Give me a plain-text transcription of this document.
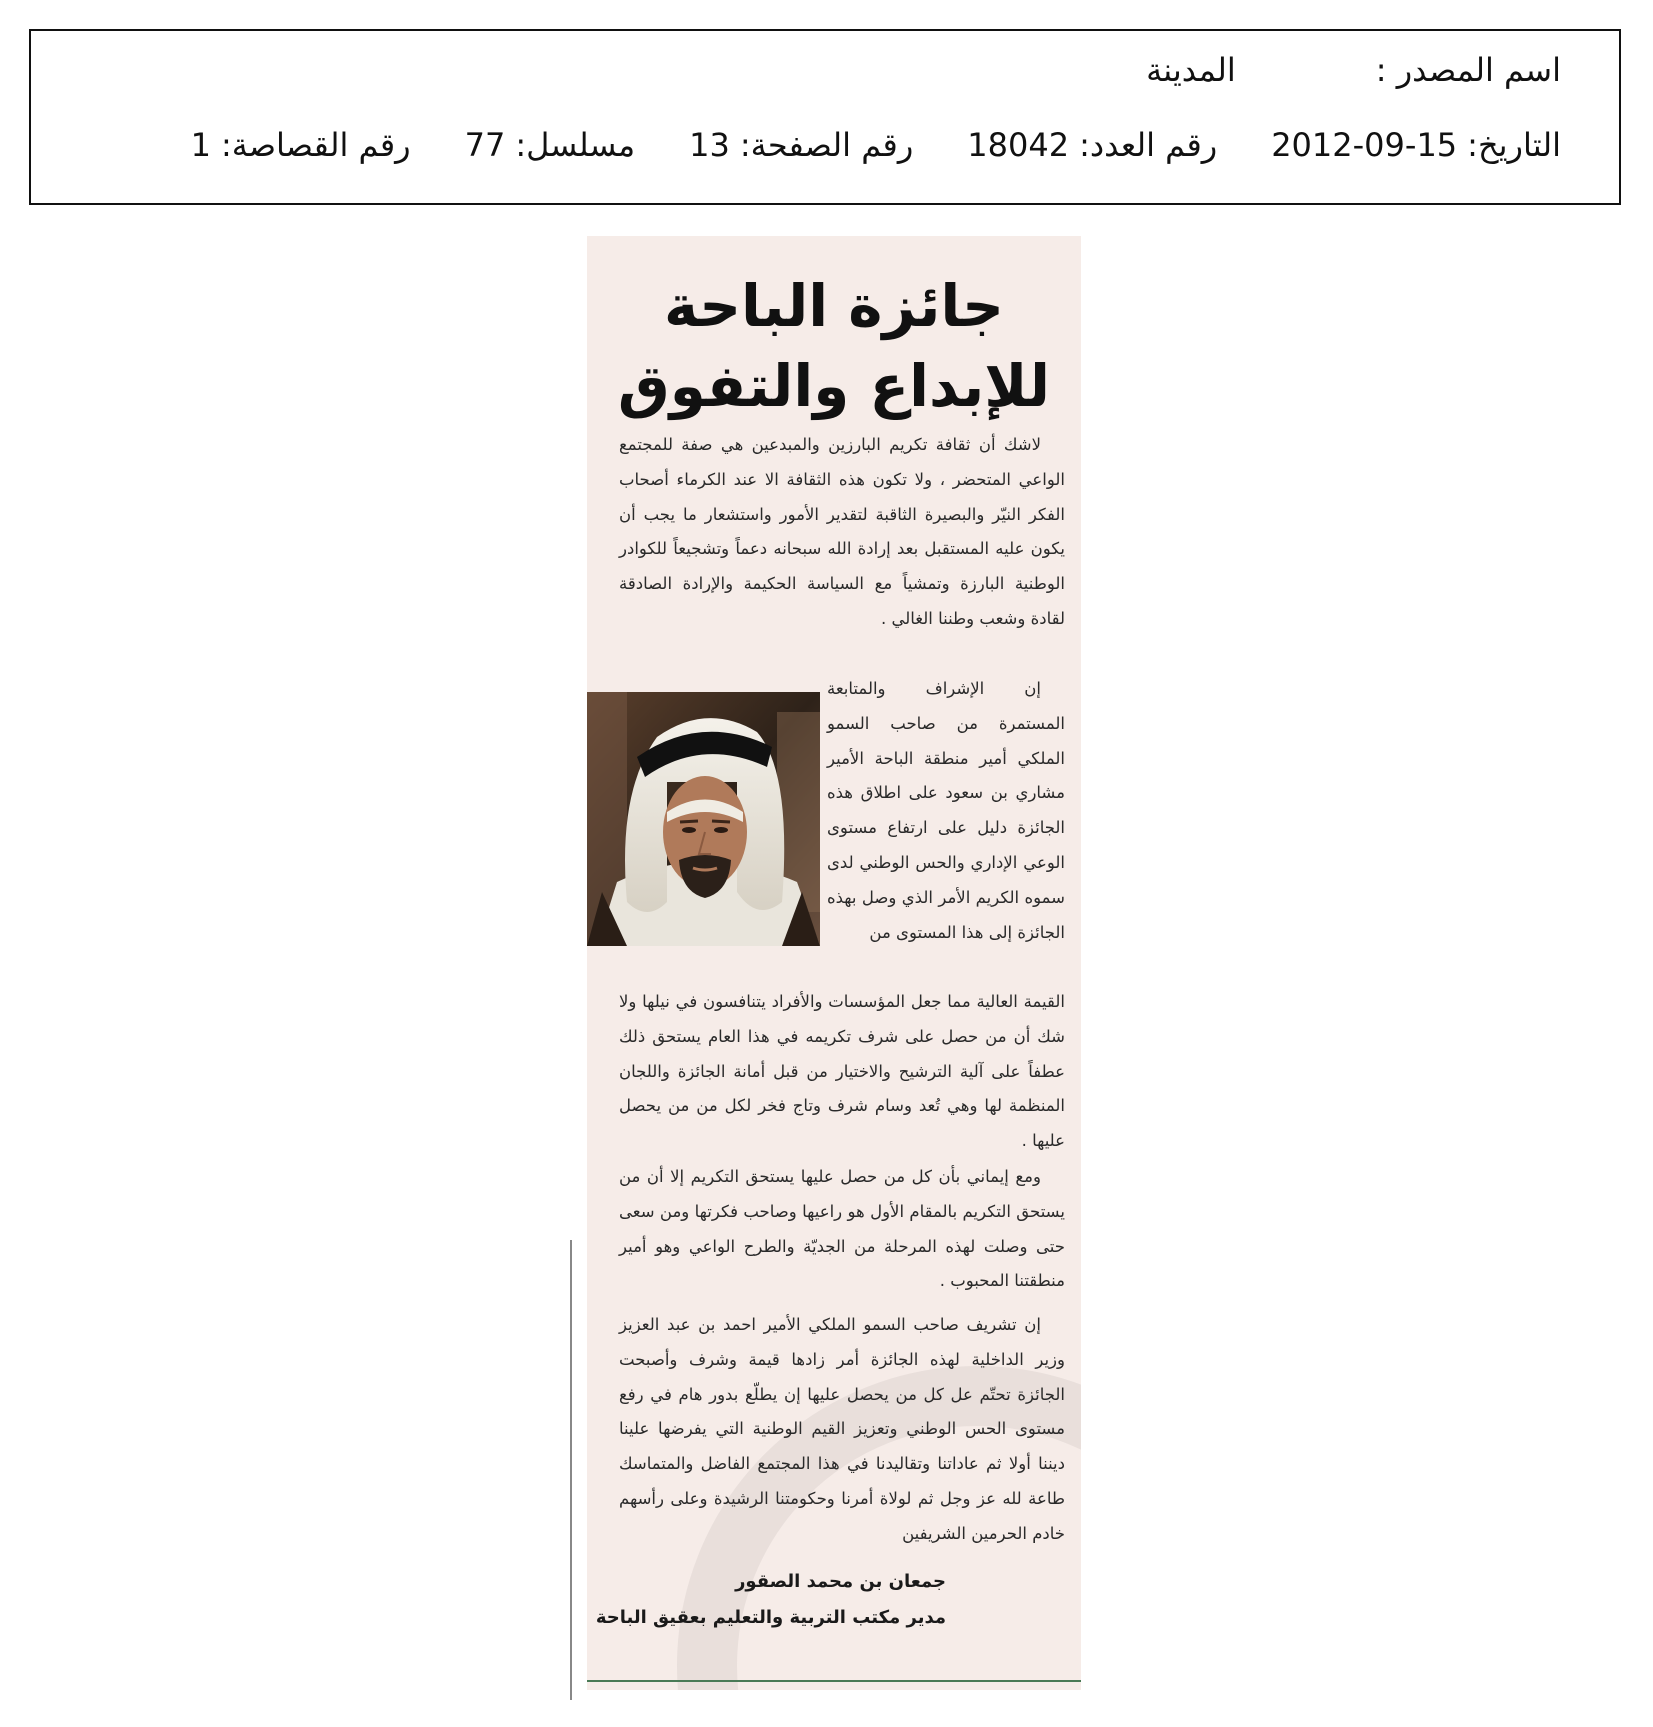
اسم المصدر :
المدينة
التاريخ:
2012-09-15
رقم العدد:
18042
رقم الصفحة:
13
مسلسل:
77
رقم القصاصة:
1
جائزة الباحة
للإبداع والتفوق

لاشك أن ثقافة تكريم البارزين والمبدعين هي صفة للمجتمع الواعي المتحضر ، ولا تكون هذه الثقافة الا عند الكرماء أصحاب الفكر النيّر والبصيرة الثاقبة لتقدير الأمور واستشعار ما يجب أن يكون عليه المستقبل بعد إرادة الله سبحانه دعماً وتشجيعاً للكوادر الوطنية البارزة وتمشياً مع السياسة الحكيمة والإرادة الصادقة لقادة وشعب وطننا الغالي .

إن الإشراف والمتابعة المستمرة من صاحب السمو الملكي أمير منطقة الباحة الأمير مشاري بن سعود على اطلاق هذه الجائزة دليل على ارتفاع مستوى الوعي الإداري والحس الوطني لدى سموه الكريم الأمر الذي وصل بهذه الجائزة إلى هذا المستوى من

القيمة العالية مما جعل المؤسسات والأفراد يتنافسون في نيلها ولا شك أن من حصل على شرف تكريمه في هذا العام يستحق ذلك عطفاً على آلية الترشيح والاختيار من قبل أمانة الجائزة واللجان المنظمة لها وهي تُعد وسام شرف وتاج فخر لكل من من يحصل عليها .

ومع إيماني بأن كل من حصل عليها يستحق التكريم إلا أن من يستحق التكريم بالمقام الأول هو راعيها وصاحب فكرتها ومن سعى حتى وصلت لهذه المرحلة من الجديّة والطرح الواعي وهو أمير منطقتنا المحبوب .

إن تشريف صاحب السمو الملكي الأمير احمد بن عبد العزيز وزير الداخلية لهذه الجائزة أمر زادها قيمة وشرف وأصبحت الجائزة تحتّم عل كل من يحصل عليها إن يطلّع بدور هام في رفع مستوى الحس الوطني وتعزيز القيم الوطنية التي يفرضها علينا ديننا أولا ثم عاداتنا وتقاليدنا في هذا المجتمع الفاضل والمتماسك طاعة لله عز وجل ثم لولاة أمرنا وحكومتنا الرشيدة وعلى رأسهم خادم الحرمين الشريفين

جمعان بن محمد الصقور
مدير مكتب التربية والتعليم بعقيق الباحة
